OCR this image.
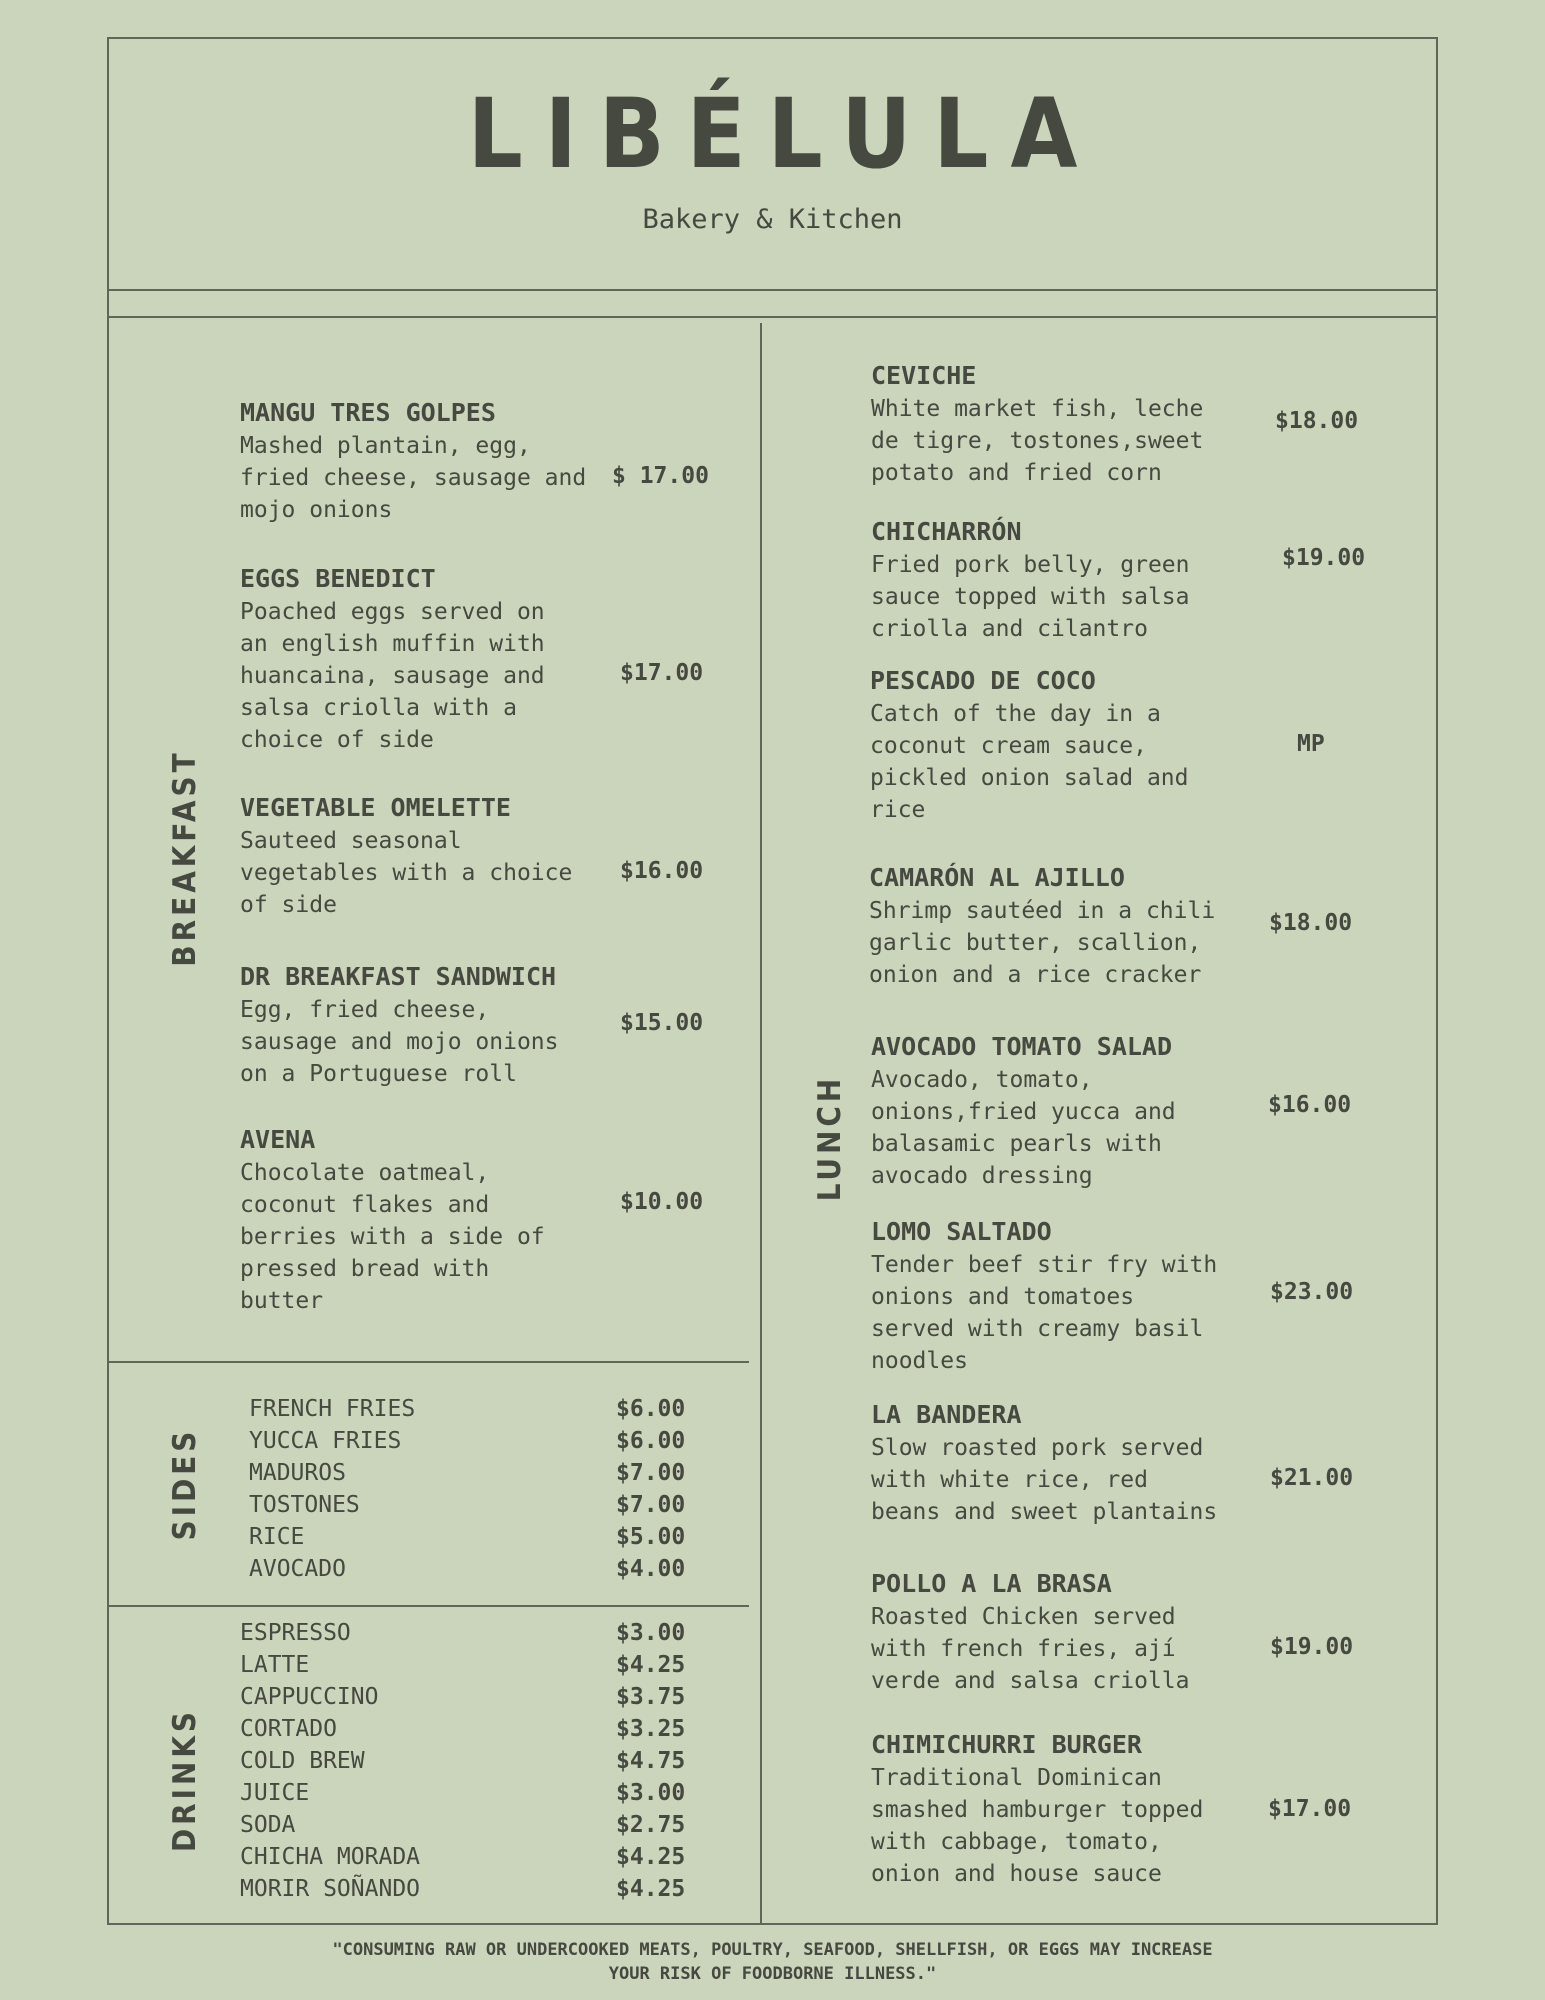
LIBÉLULA
Bakery & Kitchen
BREAKFAST
SIDES
DRINKS
LUNCH
MANGU TRES GOLPES
Mashed plantain, egg, fried cheese, sausage and mojo onions
$ 17.00
EGGS BENEDICT
Poached eggs served on an english muffin with huancaina, sausage and salsa criolla with a choice of side
$17.00
VEGETABLE OMELETTE
Sauteed seasonal vegetables with a choice of side
$16.00
DR BREAKFAST SANDWICH
Egg, fried cheese, sausage and mojo onions on a Portuguese roll
$15.00
AVENA
Chocolate oatmeal, coconut flakes and berries with a side of pressed bread with butter
$10.00
FRENCH FRIES	$6.00
YUCCA FRIES	$6.00
MADUROS	$7.00
TOSTONES	$7.00
RICE	$5.00
AVOCADO	$4.00
ESPRESSO	$3.00
LATTE	$4.25
CAPPUCCINO	$3.75
CORTADO	$3.25
COLD BREW	$4.75
JUICE	$3.00
SODA	$2.75
CHICHA MORADA	$4.25
MORIR SOÑANDO	$4.25
CEVICHE
White market fish, leche de tigre, tostones,sweet potato and fried corn
$18.00
CHICHARRÓN
Fried pork belly, green sauce topped with salsa criolla and cilantro
$19.00
PESCADO DE COCO
Catch of the day in a coconut cream sauce, pickled onion salad and rice
MP
CAMARÓN AL AJILLO
Shrimp sautéed in a chili garlic butter, scallion, onion and a rice cracker
$18.00
AVOCADO TOMATO SALAD
Avocado, tomato, onions,fried yucca and balasamic pearls with avocado dressing
$16.00
LOMO SALTADO
Tender beef stir fry with onions and tomatoes served with creamy basil noodles
$23.00
LA BANDERA
Slow roasted pork served with white rice, red beans and sweet plantains
$21.00
POLLO A LA BRASA
Roasted Chicken served with french fries, ají verde and salsa criolla
$19.00
CHIMICHURRI BURGER
Traditional Dominican smashed hamburger topped with cabbage, tomato, onion and house sauce
$17.00
"CONSUMING RAW OR UNDERCOOKED MEATS, POULTRY, SEAFOOD, SHELLFISH, OR EGGS MAY INCREASE
YOUR RISK OF FOODBORNE ILLNESS."
